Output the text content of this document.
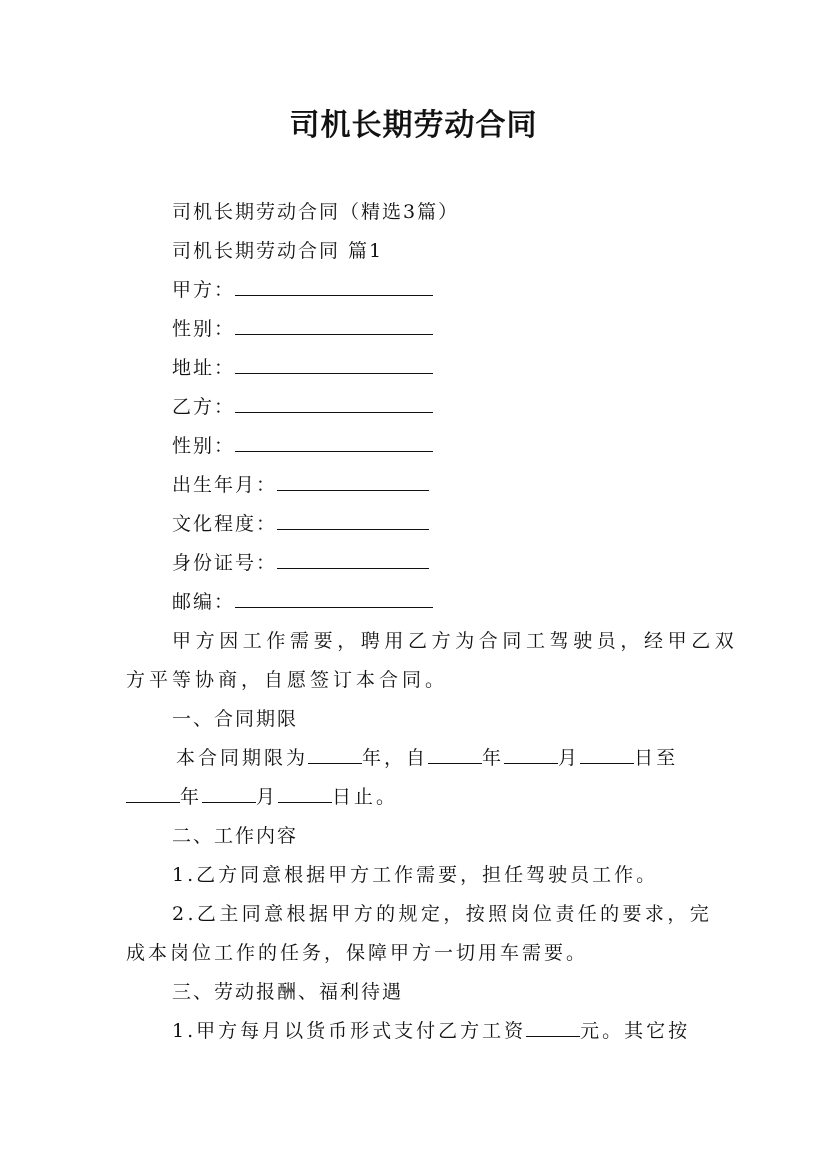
司机长期劳动合同
司机长期劳动合同（精选3篇）
司机长期劳动合同 篇1
甲方：
性别：
地址：
乙方：
性别：
出生年月：
文化程度：
身份证号：
邮编：
甲方因工作需要，聘用乙方为合同工驾驶员，经甲乙双
方平等协商，自愿签订本合同。
一、合同期限
本合同期限为	年，自	年	月	日至
年	月	日止。
二、工作内容
1.乙方同意根据甲方工作需要，担任驾驶员工作。
2.乙主同意根据甲方的规定，按照岗位责任的要求，完
成本岗位工作的任务，保障甲方一切用车需要。
三、劳动报酬、福利待遇
1.甲方每月以货币形式支付乙方工资	元。其它按
